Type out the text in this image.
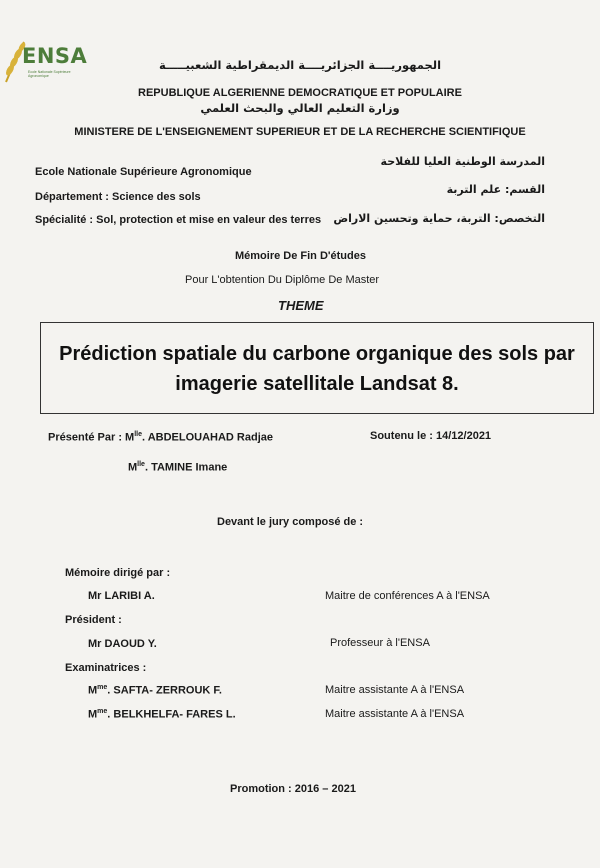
ENSA
Ecole Nationale Supérieure Agronomique
الجمهوريــــة الجزائريــــة الديمقراطية الشعبيـــــة
REPUBLIQUE ALGERIENNE DEMOCRATIQUE ET POPULAIRE
وزارة التعليم العالي والبحث العلمي
MINISTERE DE L'ENSEIGNEMENT SUPERIEUR ET DE LA RECHERCHE SCIENTIFIQUE
Ecole Nationale Supérieure Agronomique
المدرسة الوطنية العليا للفلاحة
Département : Science des sols
القسم: علم التربة
Spécialité : Sol, protection et mise en valeur des terres التخصص: التربة، حماية وتحسين الاراض
Mémoire De Fin D'études
Pour L'obtention Du Diplôme De Master
THEME
Prédiction spatiale du carbone organique des sols par
imagerie satellitale Landsat 8.
Présenté Par : $M^{lle}$. ABDELOUAHAD Radjae	Soutenu le : 14/12/2021
$M^{lle}$. TAMINE Imane
Devant le jury composé de :
Mémoire dirigé par :
Mr LARIBI A.	Maitre de conférences A à l'ENSA
Président :
Mr DAOUD Y.	Professeur à l'ENSA
Examinatrices :
$M^{me}$. SAFTA- ZERROUK F.	Maitre assistante A à l'ENSA
$M^{me}$. BELKHELFA- FARES L.	Maitre assistante A à l'ENSA
Promotion : 2016 – 2021
